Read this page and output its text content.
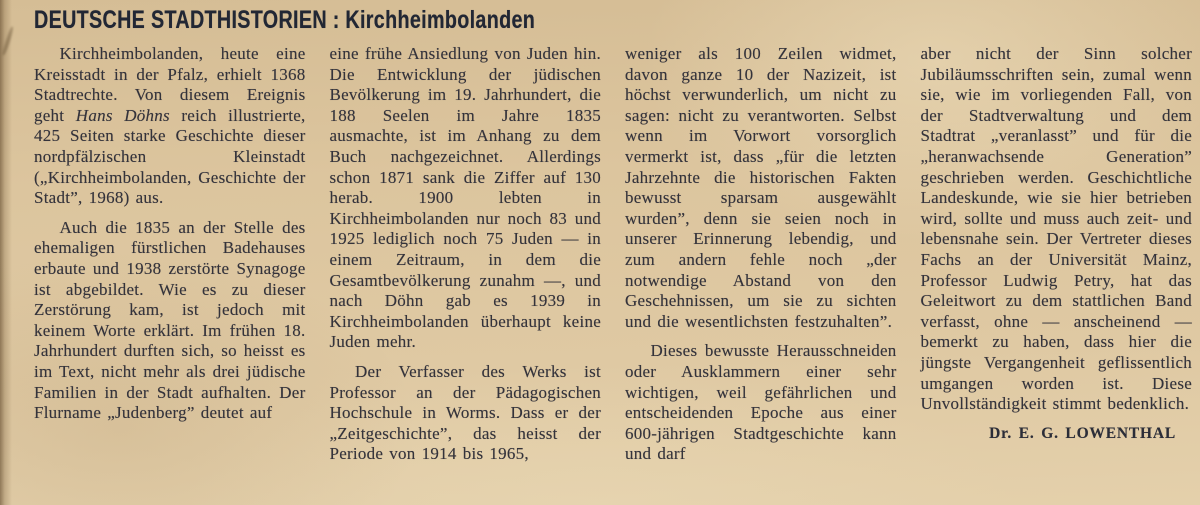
DEUTSCHE STADTHISTORIEN : Kirchheimbolanden

Kirchheimbolanden, heute eine Kreisstadt in der Pfalz, erhielt 1368 Stadtrechte. Von diesem Ereignis geht Hans Döhns reich illustrierte, 425 Seiten starke Geschichte dieser nordpfälzischen Kleinstadt („Kirchheimbolanden, Geschichte der Stadt”, 1968) aus.

Auch die 1835 an der Stelle des ehemaligen fürstlichen Badehauses erbaute und 1938 zerstörte Synagoge ist abgebildet. Wie es zu dieser Zerstörung kam, ist jedoch mit keinem Worte erklärt. Im frühen 18. Jahrhundert durften sich, so heisst es im Text, nicht mehr als drei jüdische Familien in der Stadt aufhalten. Der Flurname „Judenberg” deutet auf

eine frühe Ansiedlung von Juden hin. Die Entwicklung der jüdischen Bevölkerung im 19. Jahrhundert, die 188 Seelen im Jahre 1835 ausmachte, ist im Anhang zu dem Buch nachgezeichnet. Allerdings schon 1871 sank die Ziffer auf 130 herab. 1900 lebten in Kirchheimbolanden nur noch 83 und 1925 lediglich noch 75 Juden — in einem Zeitraum, in dem die Gesamtbevölkerung zunahm —, und nach Döhn gab es 1939 in Kirchheimbolanden überhaupt keine Juden mehr.

Der Verfasser des Werks ist Professor an der Pädagogischen Hochschule in Worms. Dass er der „Zeitgeschichte”, das heisst der Periode von 1914 bis 1965,

weniger als 100 Zeilen widmet, davon ganze 10 der Nazizeit, ist höchst verwunderlich, um nicht zu sagen: nicht zu verantworten. Selbst wenn im Vorwort vorsorglich vermerkt ist, dass „für die letzten Jahrzehnte die historischen Fakten bewusst sparsam ausgewählt wurden”, denn sie seien noch in unserer Erinnerung lebendig, und zum andern fehle noch „der notwendige Abstand von den Geschehnissen, um sie zu sichten und die wesentlichsten festzuhalten”.

Dieses bewusste Herausschneiden oder Ausklammern einer sehr wichtigen, weil gefährlichen und entscheidenden Epoche aus einer 600-jährigen Stadtgeschichte kann und darf

aber nicht der Sinn solcher Jubiläumsschriften sein, zumal wenn sie, wie im vorliegenden Fall, von der Stadtverwaltung und dem Stadtrat „veranlasst” und für die „heranwachsende Generation” geschrieben werden. Geschichtliche Landeskunde, wie sie hier betrieben wird, sollte und muss auch zeit- und lebensnahe sein. Der Vertreter dieses Fachs an der Universität Mainz, Professor Ludwig Petry, hat das Geleitwort zu dem stattlichen Band verfasst, ohne — anscheinend — bemerkt zu haben, dass hier die jüngste Vergangenheit geflissentlich umgangen worden ist. Diese Unvollständigkeit stimmt bedenklich.

Dr. E. G. LOWENTHAL
